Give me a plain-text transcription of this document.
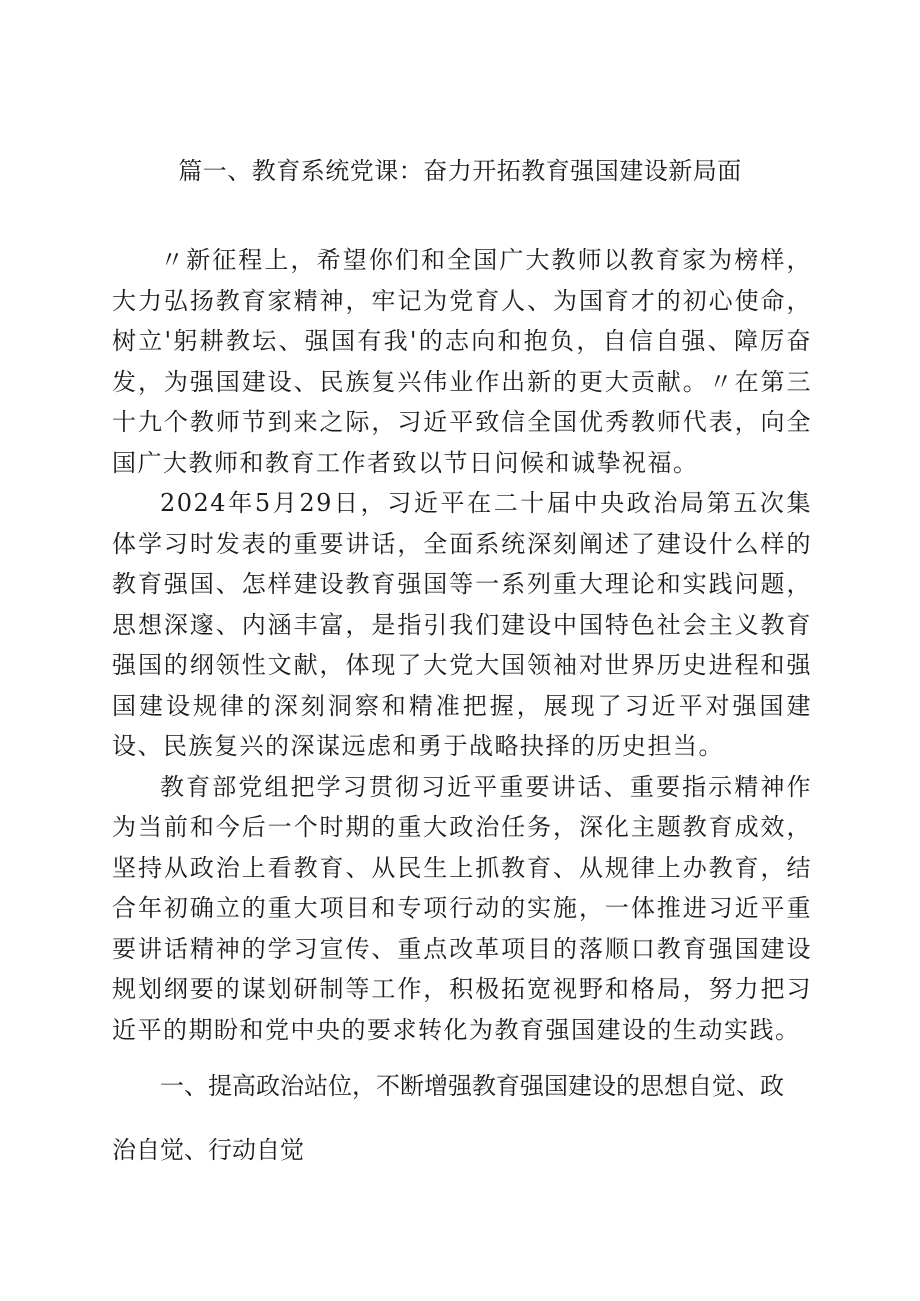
篇一、教育系统党课：奋力开拓教育强国建设新局面

〃新征程上，希望你们和全国广大教师以教育家为榜样，大力弘扬教育家精神，牢记为党育人、为国育才的初心使命，树立'躬耕教坛、强国有我'的志向和抱负，自信自强、障厉奋发，为强国建设、民族复兴伟业作出新的更大贡献。〃在第三十九个教师节到来之际，习近平致信全国优秀教师代表，向全国广大教师和教育工作者致以节日问候和诚挚祝福。

2024年5月29日，习近平在二十届中央政治局第五次集体学习时发表的重要讲话，全面系统深刻阐述了建设什么样的教育强国、怎样建设教育强国等一系列重大理论和实践问题，思想深邃、内涵丰富，是指引我们建设中国特色社会主义教育强国的纲领性文献，体现了大党大国领袖对世界历史进程和强国建设规律的深刻洞察和精准把握，展现了习近平对强国建设、民族复兴的深谋远虑和勇于战略抉择的历史担当。

教育部党组把学习贯彻习近平重要讲话、重要指示精神作为当前和今后一个时期的重大政治任务，深化主题教育成效，坚持从政治上看教育、从民生上抓教育、从规律上办教育，结合年初确立的重大项目和专项行动的实施，一体推进习近平重要讲话精神的学习宣传、重点改革项目的落顺口教育强国建设规划纲要的谋划研制等工作，积极拓宽视野和格局，努力把习近平的期盼和党中央的要求转化为教育强国建设的生动实践。

一、提高政治站位，不断增强教育强国建设的思想自觉、政
治自觉、行动自觉
